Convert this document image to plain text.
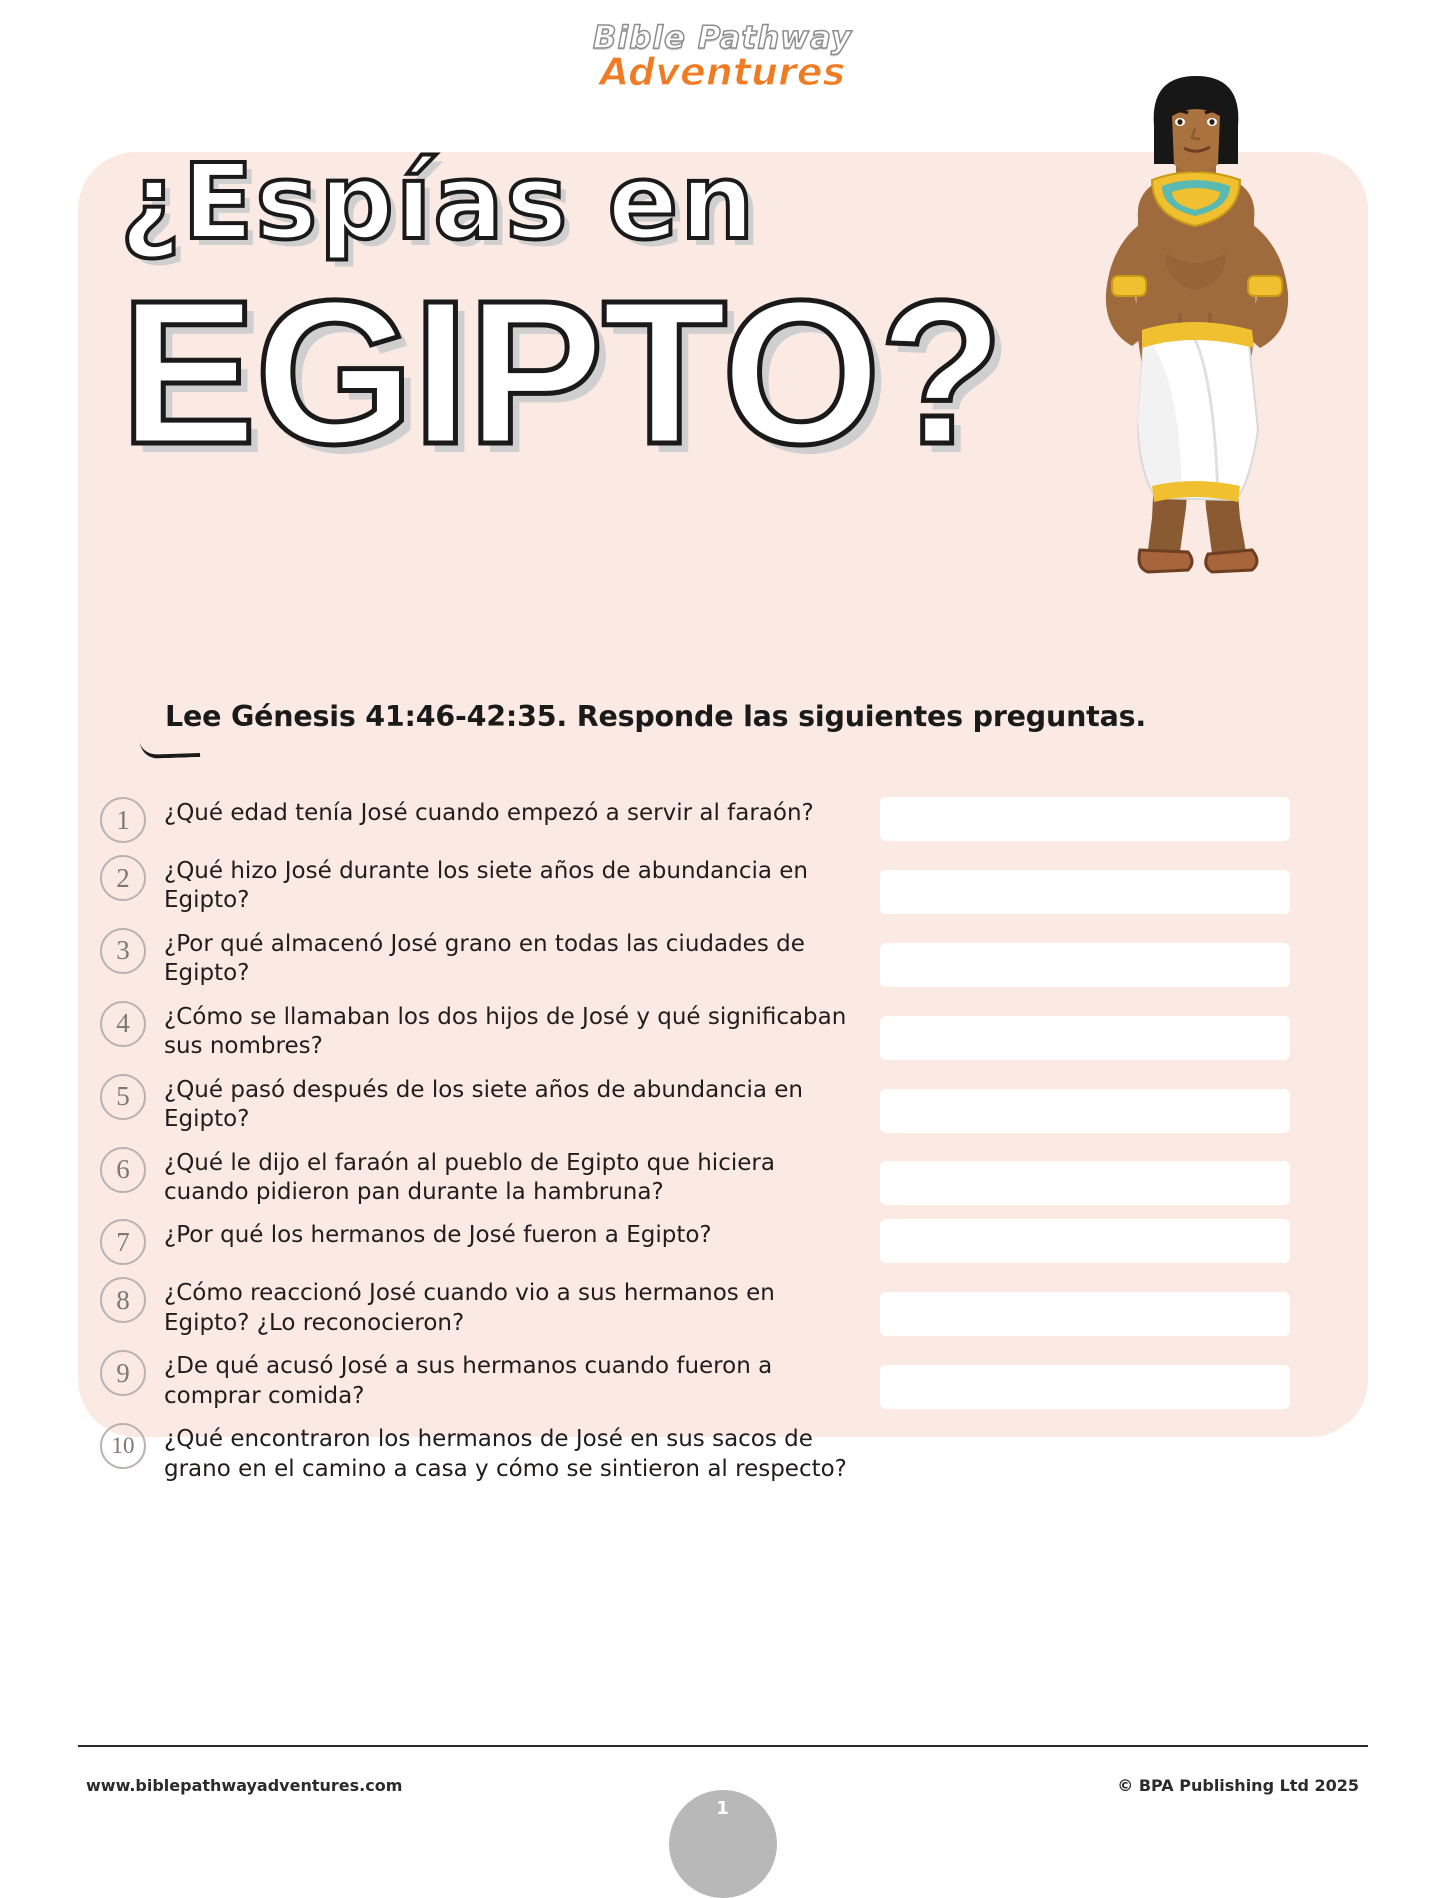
Bible Pathway
Adventures
¿Espías en
EGIPTO?
Lee Génesis 41:46-42:35. Responde las siguientes preguntas.
1	¿Qué edad tenía José cuando empezó a servir al faraón?
2	¿Qué hizo José durante los siete años de abundancia en Egipto?
3	¿Por qué almacenó José grano en todas las ciudades de Egipto?
4	¿Cómo se llamaban los dos hijos de José y qué significaban sus nombres?
5	¿Qué pasó después de los siete años de abundancia en Egipto?
6	¿Qué le dijo el faraón al pueblo de Egipto que hiciera cuando pidieron pan durante la hambruna?
7	¿Por qué los hermanos de José fueron a Egipto?
8	¿Cómo reaccionó José cuando vio a sus hermanos en Egipto? ¿Lo reconocieron?
9	¿De qué acusó José a sus hermanos cuando fueron a comprar comida?
10	¿Qué encontraron los hermanos de José en sus sacos de grano en el camino a casa y cómo se sintieron al respecto?
www.biblepathwayadventures.com	© BPA Publishing Ltd 2025
1
